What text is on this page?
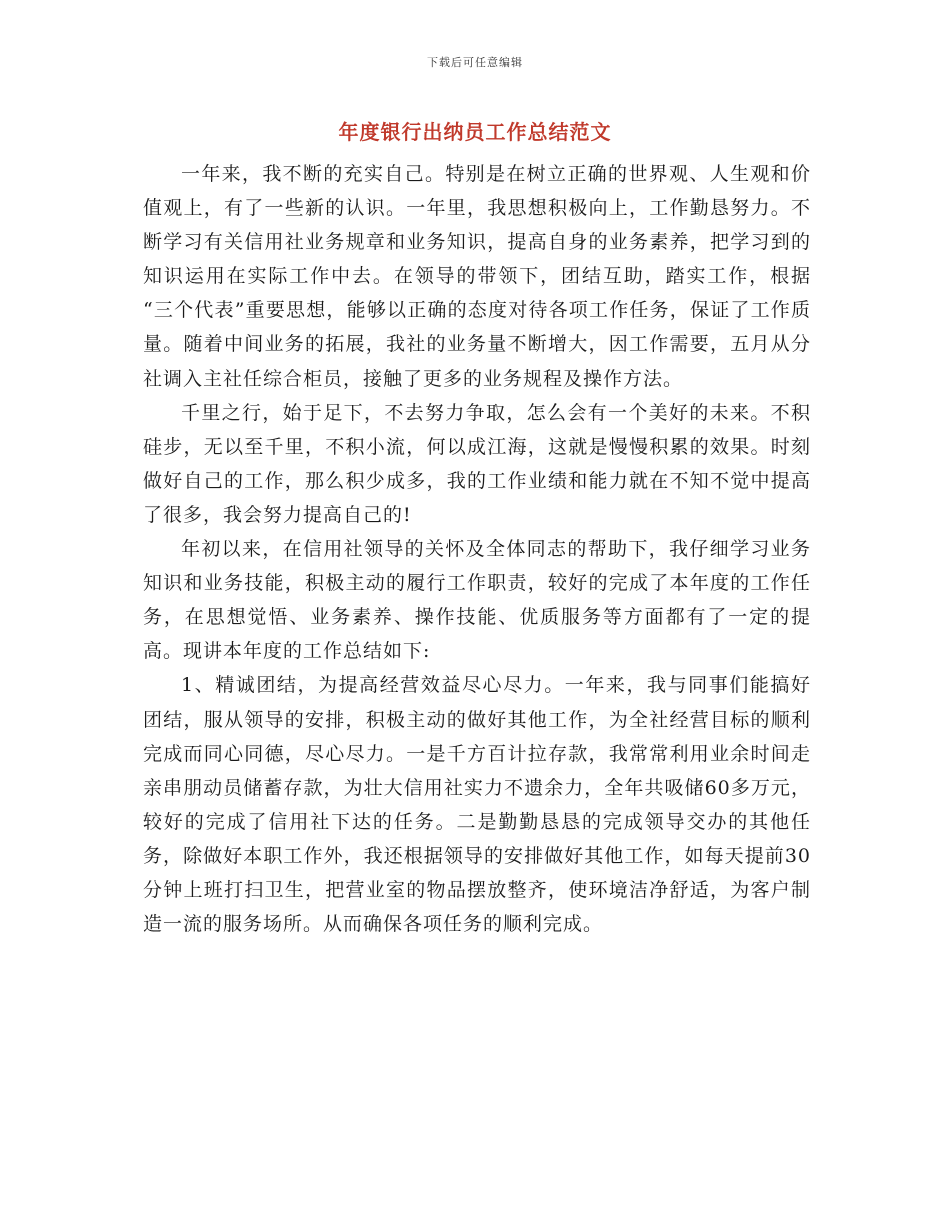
下载后可任意编辑
年度银行出纳员工作总结范文

一年来，我不断的充实自己。特别是在树立正确的世界观、人生观和价值观上，有了一些新的认识。一年里，我思想积极向上，工作勤恳努力。不断学习有关信用社业务规章和业务知识，提高自身的业务素养，把学习到的知识运用在实际工作中去。在领导的带领下，团结互助，踏实工作，根据 “三个代表”重要思想，能够以正确的态度对待各项工作任务，保证了工作质量。随着中间业务的拓展，我社的业务量不断增大，因工作需要，五月从分社调入主社任综合柜员，接触了更多的业务规程及操作方法。

千里之行，始于足下，不去努力争取，怎么会有一个美好的未来。不积硅步，无以至千里，不积小流，何以成江海，这就是慢慢积累的效果。时刻做好自己的工作，那么积少成多，我的工作业绩和能力就在不知不觉中提高了很多，我会努力提高自己的!

年初以来，在信用社领导的关怀及全体同志的帮助下，我仔细学习业务知识和业务技能，积极主动的履行工作职责，较好的完成了本年度的工作任务，在思想觉悟、业务素养、操作技能、优质服务等方面都有了一定的提高。现讲本年度的工作总结如下:

1、精诚团结，为提高经营效益尽心尽力。一年来，我与同事们能搞好团结，服从领导的安排，积极主动的做好其他工作，为全社经营目标的顺利完成而同心同德，尽心尽力。一是千方百计拉存款，我常常利用业余时间走亲串朋动员储蓄存款，为壮大信用社实力不遗余力，全年共吸储60多万元，较好的完成了信用社下达的任务。二是勤勤恳恳的完成领导交办的其他任务，除做好本职工作外，我还根据领导的安排做好其他工作，如每天提前30分钟上班打扫卫生，把营业室的物品摆放整齐，使环境洁净舒适，为客户制造一流的服务场所。从而确保各项任务的顺利完成。
